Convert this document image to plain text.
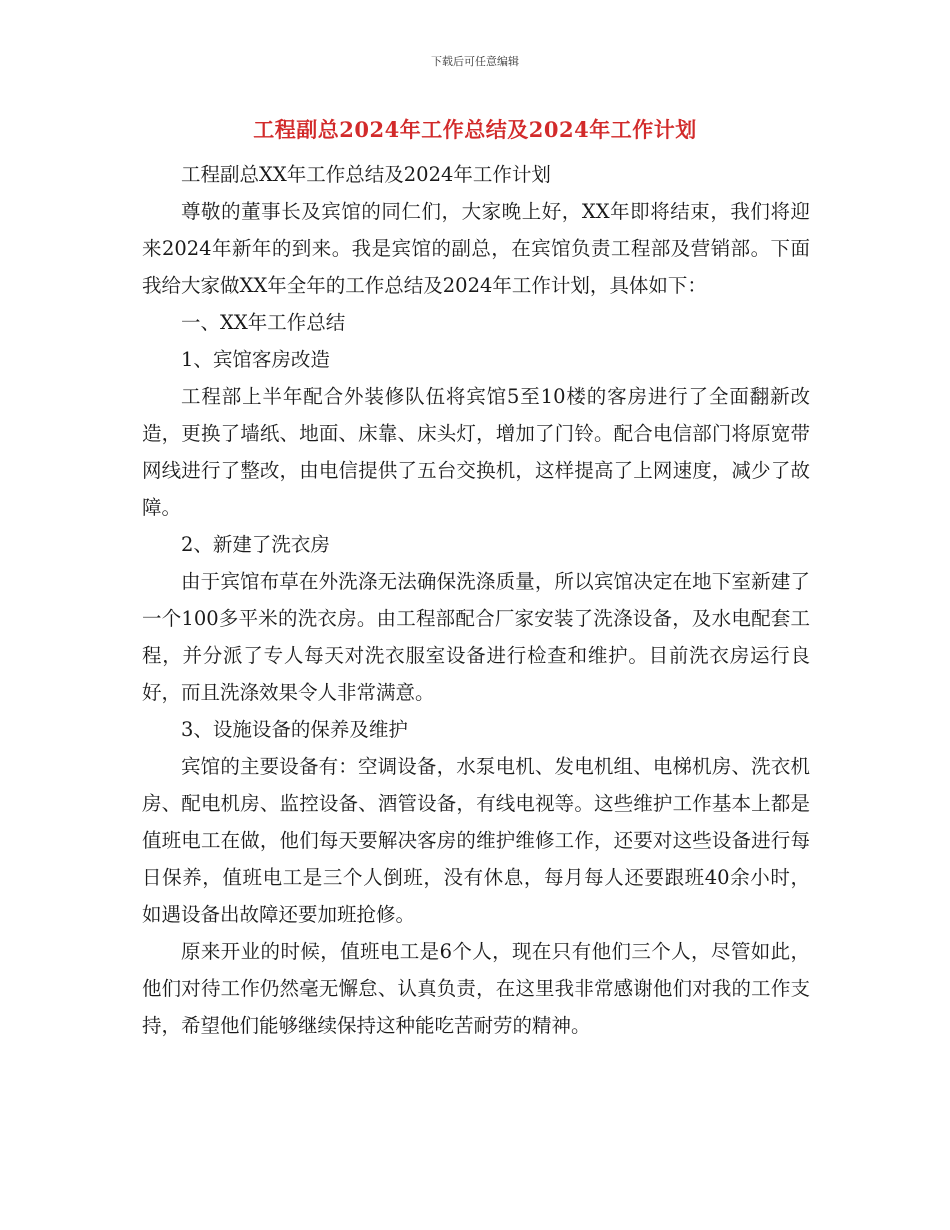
下载后可任意编辑
工程副总2024年工作总结及2024年工作计划

工程副总XX年工作总结及2024年工作计划

尊敬的董事长及宾馆的同仁们，大家晚上好，XX年即将结束，我们将迎来2024年新年的到来。我是宾馆的副总，在宾馆负责工程部及营销部。下面我给大家做XX年全年的工作总结及2024年工作计划，具体如下：

一、XX年工作总结

1、宾馆客房改造

工程部上半年配合外装修队伍将宾馆5至10楼的客房进行了全面翻新改造，更换了墙纸、地面、床靠、床头灯，增加了门铃。配合电信部门将原宽带网线进行了整改，由电信提供了五台交换机，这样提高了上网速度，减少了故障。

2、新建了洗衣房

由于宾馆布草在外洗涤无法确保洗涤质量，所以宾馆决定在地下室新建了一个100多平米的洗衣房。由工程部配合厂家安装了洗涤设备，及水电配套工程，并分派了专人每天对洗衣服室设备进行检查和维护。目前洗衣房运行良好，而且洗涤效果令人非常满意。

3、设施设备的保养及维护

宾馆的主要设备有：空调设备，水泵电机、发电机组、电梯机房、洗衣机房、配电机房、监控设备、酒管设备，有线电视等。这些维护工作基本上都是值班电工在做，他们每天要解决客房的维护维修工作，还要对这些设备进行每日保养，值班电工是三个人倒班，没有休息，每月每人还要跟班40余小时，如遇设备出故障还要加班抢修。

原来开业的时候，值班电工是6个人，现在只有他们三个人，尽管如此，他们对待工作仍然毫无懈怠、认真负责，在这里我非常感谢他们对我的工作支持，希望他们能够继续保持这种能吃苦耐劳的精神。
